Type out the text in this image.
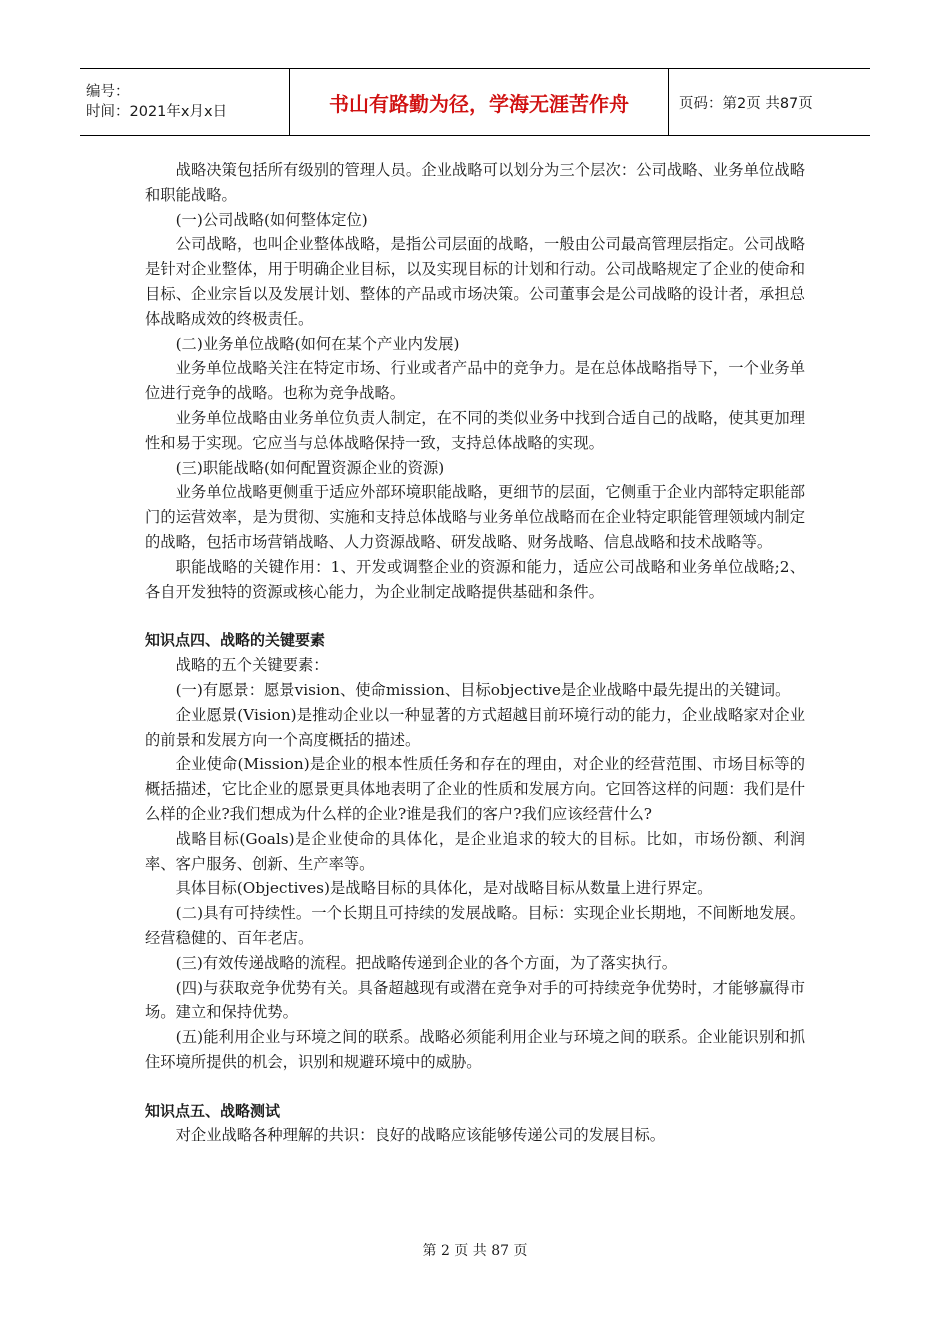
编号：
时间：2021年x月x日	书山有路勤为径，学海无涯苦作舟	页码：第2页 共87页

战略决策包括所有级别的管理人员。企业战略可以划分为三个层次：公司战略、业务单位战略和职能战略。

(一)公司战略(如何整体定位)

公司战略，也叫企业整体战略，是指公司层面的战略，一般由公司最高管理层指定。公司战略是针对企业整体，用于明确企业目标，以及实现目标的计划和行动。公司战略规定了企业的使命和目标、企业宗旨以及发展计划、整体的产品或市场决策。公司董事会是公司战略的设计者，承担总体战略成效的终极责任。

(二)业务单位战略(如何在某个产业内发展)

业务单位战略关注在特定市场、行业或者产品中的竞争力。是在总体战略指导下，一个业务单位进行竞争的战略。也称为竞争战略。

业务单位战略由业务单位负责人制定，在不同的类似业务中找到合适自己的战略，使其更加理性和易于实现。它应当与总体战略保持一致，支持总体战略的实现。

(三)职能战略(如何配置资源企业的资源)

业务单位战略更侧重于适应外部环境职能战略，更细节的层面，它侧重于企业内部特定职能部门的运营效率，是为贯彻、实施和支持总体战略与业务单位战略而在企业特定职能管理领域内制定的战略，包括市场营销战略、人力资源战略、研发战略、财务战略、信息战略和技术战略等。

职能战略的关键作用：1、开发或调整企业的资源和能力，适应公司战略和业务单位战略;2、各自开发独特的资源或核心能力，为企业制定战略提供基础和条件。

知识点四、战略的关键要素

战略的五个关键要素：

(一)有愿景：愿景vision、使命mission、目标objective是企业战略中最先提出的关键词。

企业愿景(Vision)是推动企业以一种显著的方式超越目前环境行动的能力，企业战略家对企业的前景和发展方向一个高度概括的描述。

企业使命(Mission)是企业的根本性质任务和存在的理由，对企业的经营范围、市场目标等的概括描述，它比企业的愿景更具体地表明了企业的性质和发展方向。它回答这样的问题：我们是什么样的企业?我们想成为什么样的企业?谁是我们的客户?我们应该经营什么?

战略目标(Goals)是企业使命的具体化，是企业追求的较大的目标。比如，市场份额、利润率、客户服务、创新、生产率等。

具体目标(Objectives)是战略目标的具体化，是对战略目标从数量上进行界定。

(二)具有可持续性。一个长期且可持续的发展战略。目标：实现企业长期地，不间断地发展。经营稳健的、百年老店。

(三)有效传递战略的流程。把战略传递到企业的各个方面，为了落实执行。

(四)与获取竞争优势有关。具备超越现有或潜在竞争对手的可持续竞争优势时，才能够赢得市场。建立和保持优势。

(五)能利用企业与环境之间的联系。战略必须能利用企业与环境之间的联系。企业能识别和抓住环境所提供的机会，识别和规避环境中的威胁。

知识点五、战略测试

对企业战略各种理解的共识：良好的战略应该能够传递公司的发展目标。

第 2 页 共 87 页
